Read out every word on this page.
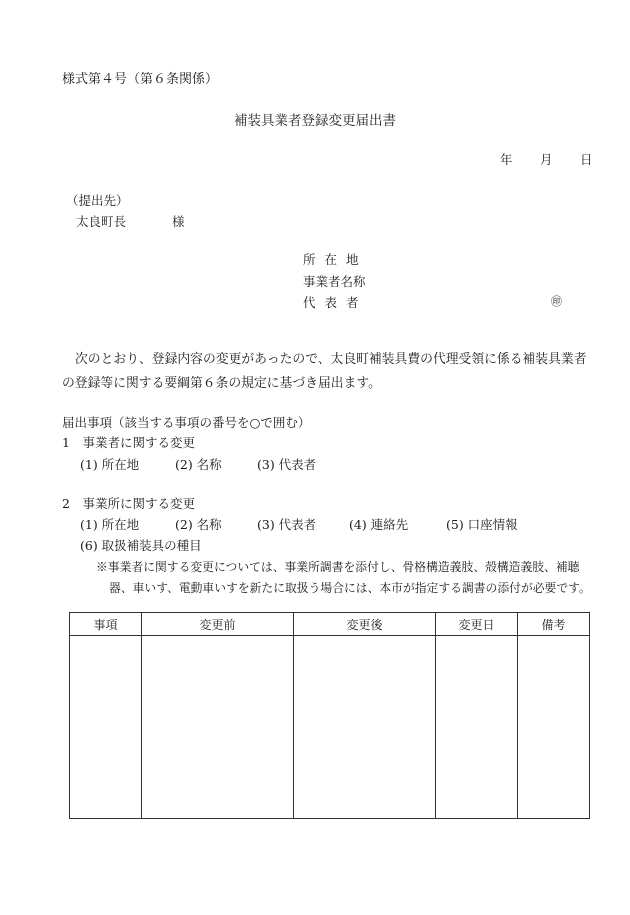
様式第４号（第６条関係）
補装具業者登録変更届出書
年 月 日
（提出先）
太良町長	様
所在地
事業者名称
代表者	㊞
次のとおり、登録内容の変更があったので、太良町補装具費の代理受領に係る補装具業者の登録等に関する要綱第６条の規定に基づき届出ます。
届出事項（該当する事項の番号を○で囲む）
1　事業者に関する変更
(1) 所在地	(2) 名称	(3) 代表者
2　事業所に関する変更
(1) 所在地	(2) 名称	(3) 代表者	(4) 連絡先	(5) 口座情報
(6) 取扱補装具の種目
※事業者に関する変更については、事業所調書を添付し、骨格構造義肢、殻構造義肢、補聴器、車いす、電動車いすを新たに取扱う場合には、本市が指定する調書の添付が必要です。
事項	変更前	変更後	変更日	備考
